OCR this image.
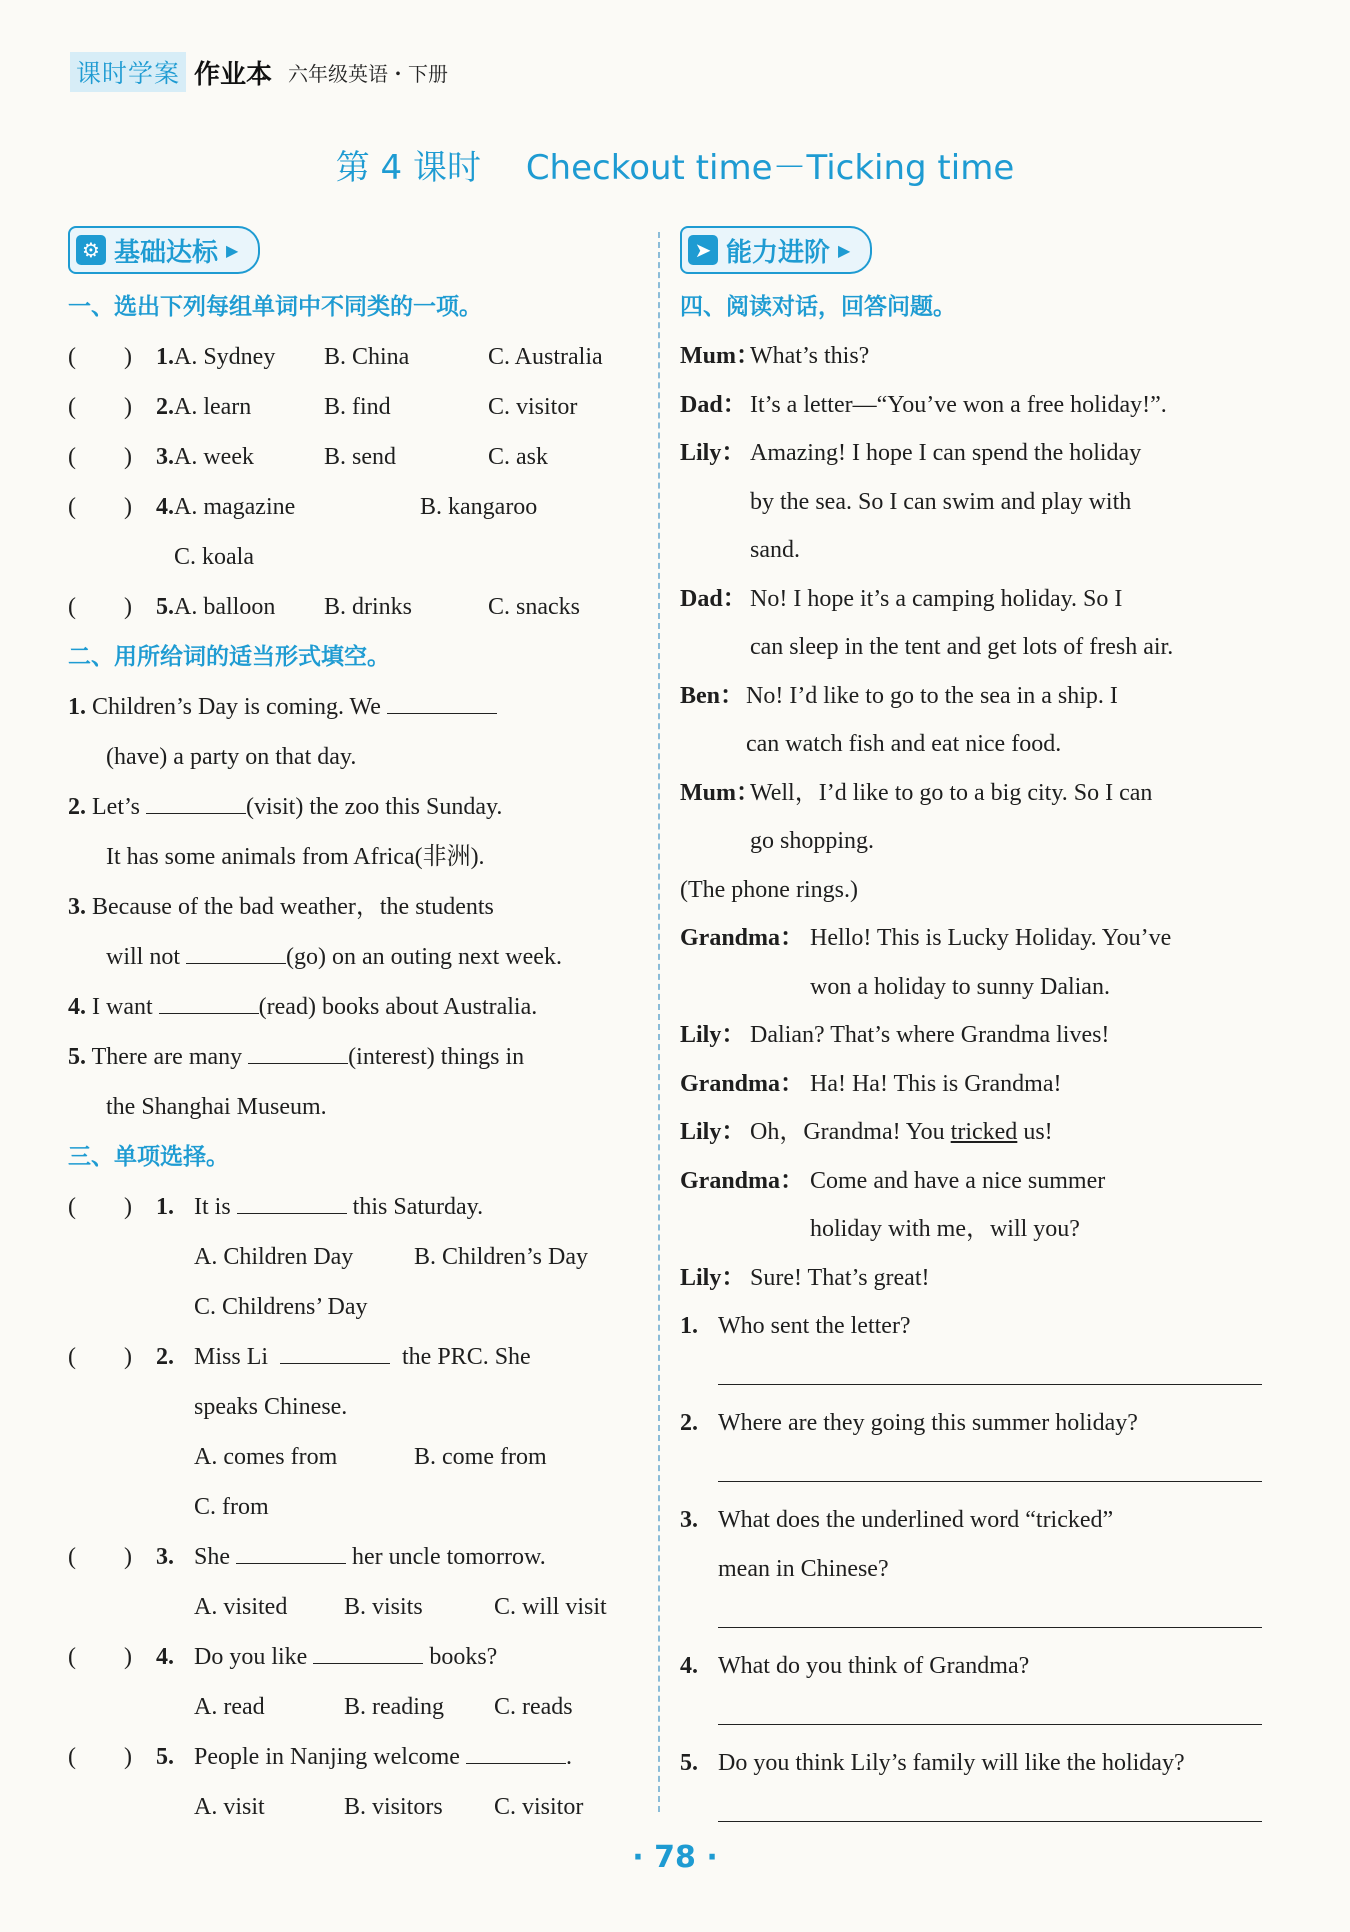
课时学案 作业本 六年级英语・下册
第 4 课时 Checkout time－Ticking time
⚙ 基础达标 ▶
一、选出下列每组单词中不同类的一项。
(        ) 1. A. Sydney B. China	C. Australia
(        ) 2. A. learn	B. find	C. visitor
(        ) 3. A. week	B. send	C. ask
(        ) 4. A. magazine	B. kangaroo
C. koala
(        ) 5. A. balloon B. drinks	C. snacks
二、用所给词的适当形式填空。
1. Children’s Day is coming. We
(have) a party on that day.
2. Let’s	(visit) the zoo this Sunday.
It has some animals from Africa(非洲).
3. Because of the bad weather，the students
will not	(go) on an outing next week.
4. I want	(read) books about Australia.
5. There are many	(interest) things in
the Shanghai Museum.
三、单项选择。
(        ) 1. It is	this Saturday.
A. Children Day	B. Children’s Day
C. Childrens’ Day
(        ) 2. Miss Li	the PRC. She
speaks Chinese.
A. comes from	B. come from
C. from
(        ) 3. She	her uncle tomorrow.
A. visited B. visits	C. will visit
(        ) 4. Do you like	books?
A. read	B. reading C. reads
(        ) 5. People in Nanjing welcome	.
A. visit	B. visitors C. visitor
➤ 能力进阶 ▶
四、阅读对话，回答问题。
Mum：
What’s this?
Dad： It’s a letter—“You’ve won a free holiday!”.
Lily： Amazing! I hope I can spend the holiday
by the sea. So I can swim and play with
sand.
Dad： No! I hope it’s a camping holiday. So I
can sleep in the tent and get lots of fresh air.
Ben： No! I’d like to go to the sea in a ship. I
can watch fish and eat nice food.
Mum：
Well，I’d like to go to a big city. So I can
go shopping.
(The phone rings.)
Grandma： Hello! This is Lucky Holiday. You’ve
won a holiday to sunny Dalian.
Lily： Dalian? That’s where Grandma lives!
Grandma： Ha! Ha! This is Grandma!
Lily： Oh，Grandma! You tricked us!
Grandma： Come and have a nice summer
holiday with me，will you?
Lily： Sure! That’s great!
1. Who sent the letter?
2. Where are they going this summer holiday?
3. What does the underlined word “tricked”
mean in Chinese?
4. What do you think of Grandma?
5. Do you think Lily’s family will like the holiday?
· 78 ·
